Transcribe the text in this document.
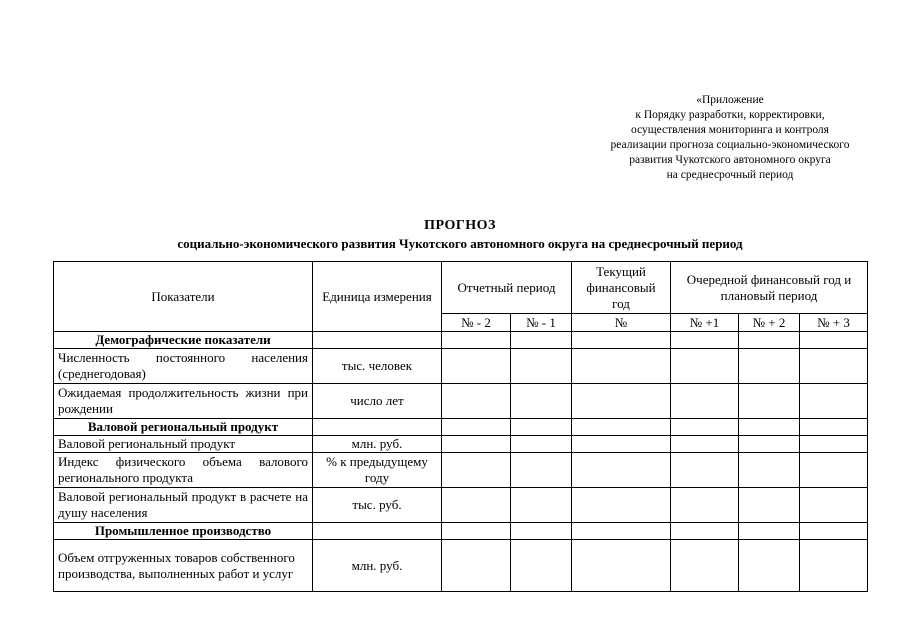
«Приложение
к Порядку разработки, корректировки,
осуществления мониторинга и контроля
реализации прогноза социально-экономического
развития Чукотского автономного округа
на среднесрочный период
ПРОГНОЗ
социально-экономического развития Чукотского автономного округа на среднесрочный период
Показатели	Единица измерения	Отчетный период		Текущий финансовый год	Очередной финансовый год и плановый период		
		№ - 2	№ - 1	№	№ +1	№ + 2	№ + 3
Демографические показатели							
Численность постоянного населения (среднегодовая)	тыс. человек						
Ожидаемая продолжительность жизни при рождении	число лет						
Валовой региональный продукт							
Валовой региональный продукт	млн. руб.						
Индекс физического объема валового регионального продукта	% к предыдущему году						
Валовой региональный продукт в расчете на душу населения	тыс. руб.						
Промышленное производство							
Объем отгруженных товаров собственного производства, выполненных работ и услуг	млн. руб.						
